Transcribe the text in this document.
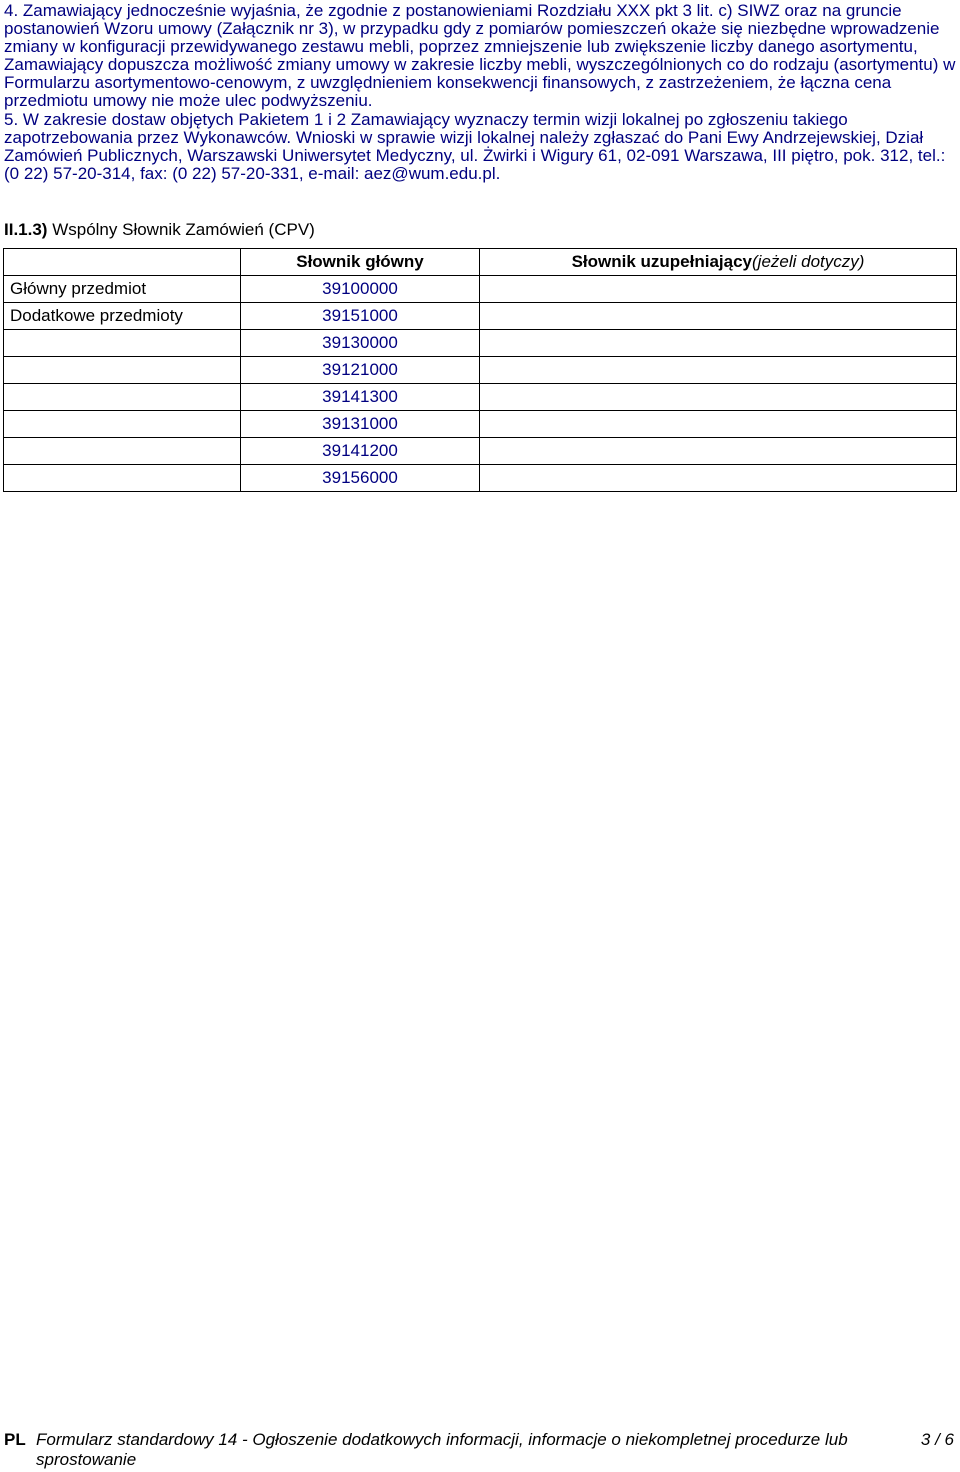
4. Zamawiający jednocześnie wyjaśnia, że zgodnie z postanowieniami Rozdziału XXX pkt 3 lit. c) SIWZ oraz na gruncie postanowień Wzoru umowy (Załącznik nr 3), w przypadku gdy z pomiarów pomieszczeń okaże się niezbędne wprowadzenie zmiany w konfiguracji przewidywanego zestawu mebli, poprzez zmniejszenie lub zwiększenie liczby danego asortymentu, Zamawiający dopuszcza możliwość zmiany umowy w zakresie liczby mebli, wyszczególnionych co do rodzaju (asortymentu) w Formularzu asortymentowo-cenowym, z uwzględnieniem konsekwencji finansowych, z zastrzeżeniem, że łączna cena przedmiotu umowy nie może ulec podwyższeniu.

5. W zakresie dostaw objętych Pakietem 1 i 2 Zamawiający wyznaczy termin wizji lokalnej po zgłoszeniu takiego zapotrzebowania przez Wykonawców. Wnioski w sprawie wizji lokalnej należy zgłaszać do Pani Ewy Andrzejewskiej, Dział Zamówień Publicznych, Warszawski Uniwersytet Medyczny, ul. Żwirki i Wigury 61, 02-091 Warszawa, III piętro, pok. 312, tel.: (0 22) 57-20-314, fax: (0 22) 57-20-331, e-mail: aez@wum.edu.pl.

II.1.3) Wspólny Słownik Zamówień (CPV)
	Słownik główny	Słownik uzupełniający(jeżeli dotyczy)
Główny przedmiot	39100000	
Dodatkowe przedmioty	39151000	
	39130000	
	39121000	
	39141300	
	39131000	
	39141200	
	39156000	
PL Formularz standardowy 14 - Ogłoszenie dodatkowych informacji, informacje o niekompletnej procedurze lub sprostowanie
3 / 6
